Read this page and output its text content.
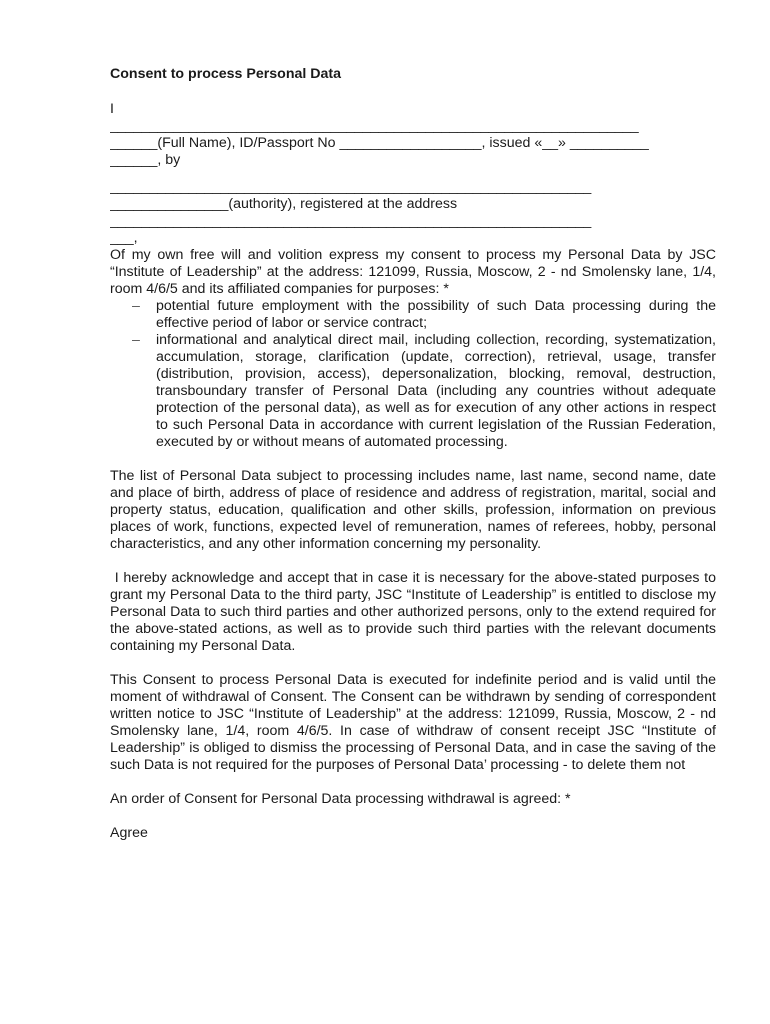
Consent to process Personal Data
I
___________________________________________________________________
______(Full Name), ID/Passport No __________________, issued «__» __________
______, by
_____________________________________________________________
_______________(authority), registered at the address
_____________________________________________________________
___,
Of my own free will and volition express my consent to process my Personal Data by JSC “Institute of Leadership” at the address: 121099, Russia, Moscow, 2 - nd Smolensky lane, 1/4, room 4/6/5 and its affiliated companies for purposes: *
– potential future employment with the possibility of such Data processing during the effective period of labor or service contract;
– informational and analytical direct mail, including collection, recording, systematization, accumulation, storage, clarification (update, correction), retrieval, usage, transfer (distribution, provision, access), depersonalization, blocking, removal, destruction, transboundary transfer of Personal Data (including any countries without adequate protection of the personal data), as well as for execution of any other actions in respect to such Personal Data in accordance with current legislation of the Russian Federation, executed by or without means of automated processing.
The list of Personal Data subject to processing includes name, last name, second name, date and place of birth, address of place of residence and address of registration, marital, social and property status, education, qualification and other skills, profession, information on previous places of work, functions, expected level of remuneration, names of referees, hobby, personal characteristics, and any other information concerning my personality.
I hereby acknowledge and accept that in case it is necessary for the above-stated purposes to grant my Personal Data to the third party, JSC “Institute of Leadership” is entitled to disclose my Personal Data to such third parties and other authorized persons, only to the extend required for the above-stated actions, as well as to provide such third parties with the relevant documents containing my Personal Data.
This Consent to process Personal Data is executed for indefinite period and is valid until the moment of withdrawal of Consent. The Consent can be withdrawn by sending of correspondent written notice to JSC “Institute of Leadership” at the address: 121099, Russia, Moscow, 2 - nd Smolensky lane, 1/4, room 4/6/5. In case of withdraw of consent receipt JSC “Institute of Leadership” is obliged to dismiss the processing of Personal Data, and in case the saving of the such Data is not required for the purposes of Personal Data’ processing - to delete them not
An order of Consent for Personal Data processing withdrawal is agreed: *
Agree
